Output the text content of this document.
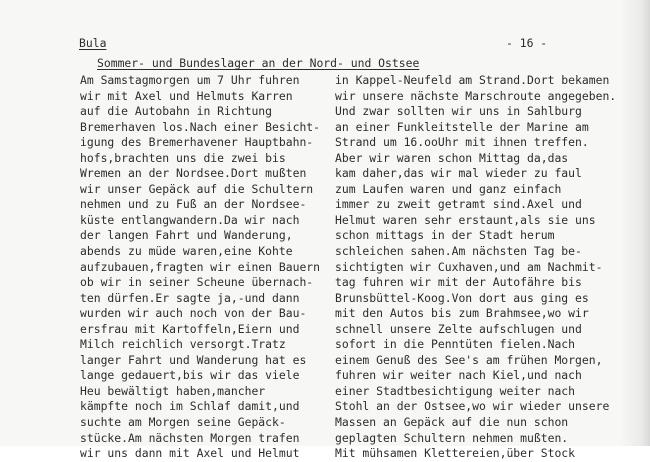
Bula	- 16 -
Sommer- und Bundeslager an der Nord- und Ostsee
Am Samstagmorgen um 7 Uhr fuhren
wir mit Axel und Helmuts Karren
auf die Autobahn in Richtung
Bremerhaven los.Nach einer Besicht-
igung des Bremerhavener Hauptbahn-
hofs,brachten uns die zwei bis
Wremen an der Nordsee.Dort mußten
wir unser Gepäck auf die Schultern
nehmen und zu Fuß an der Nordsee-
küste entlangwandern.Da wir nach
der langen Fahrt und Wanderung,
abends zu müde waren,eine Kohte
aufzubauen,fragten wir einen Bauern
ob wir in seiner Scheune übernach-
ten dürfen.Er sagte ja,-und dann
wurden wir auch noch von der Bau-
ersfrau mit Kartoffeln,Eiern und
Milch reichlich versorgt.Tratz
langer Fahrt und Wanderung hat es
lange gedauert,bis wir das viele
Heu bewältigt haben,mancher
kämpfte noch im Schlaf damit,und
suchte am Morgen seine Gepäck-
stücke.Am nächsten Morgen trafen
wir uns dann mit Axel und Helmut
in Kappel-Neufeld am Strand.Dort bekamen
wir unsere nächste Marschroute angegeben.
Und zwar sollten wir uns in Sahlburg
an einer Funkleitstelle der Marine am
Strand um 16.ooUhr mit ihnen treffen.
Aber wir waren schon Mittag da,das
kam daher,das wir mal wieder zu faul
zum Laufen waren und ganz einfach
immer zu zweit getramt sind.Axel und
Helmut waren sehr erstaunt,als sie uns
schon mittags in der Stadt herum
schleichen sahen.Am nächsten Tag be-
sichtigten wir Cuxhaven,und am Nachmit-
tag fuhren wir mit der Autofähre bis
Brunsbüttel-Koog.Von dort aus ging es
mit den Autos bis zum Brahmsee,wo wir
schnell unsere Zelte aufschlugen und
sofort in die Penntüten fielen.Nach
einem Genuß des See's am frühen Morgen,
fuhren wir weiter nach Kiel,und nach
einer Stadtbesichtigung weiter nach
Stohl an der Ostsee,wo wir wieder unsere
Massen an Gepäck auf die nun schon
geplagten Schultern nehmen mußten.
Mit mühsamen Klettereien,über Stock
